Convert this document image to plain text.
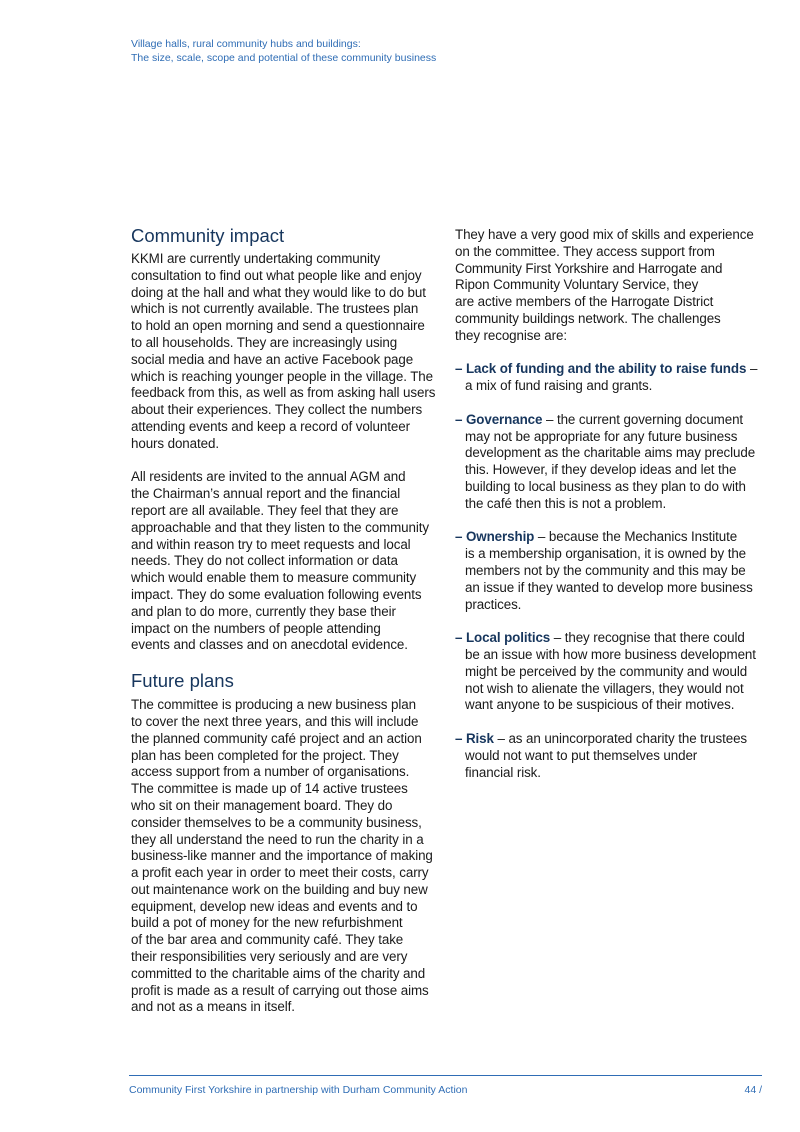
Village halls, rural community hubs and buildings:
The size, scale, scope and potential of these community business
Community impact
KKMI are currently undertaking community
consultation to find out what people like and enjoy
doing at the hall and what they would like to do but
which is not currently available. The trustees plan
to hold an open morning and send a questionnaire
to all households. They are increasingly using
social media and have an active Facebook page
which is reaching younger people in the village. The
feedback from this, as well as from asking hall users
about their experiences. They collect the numbers
attending events and keep a record of volunteer
hours donated.
All residents are invited to the annual AGM and
the Chairman’s annual report and the financial
report are all available. They feel that they are
approachable and that they listen to the community
and within reason try to meet requests and local
needs. They do not collect information or data
which would enable them to measure community
impact. They do some evaluation following events
and plan to do more, currently they base their
impact on the numbers of people attending
events and classes and on anecdotal evidence.
Future plans
The committee is producing a new business plan
to cover the next three years, and this will include
the planned community café project and an action
plan has been completed for the project. They
access support from a number of organisations.
The committee is made up of 14 active trustees
who sit on their management board. They do
consider themselves to be a community business,
they all understand the need to run the charity in a
business-like manner and the importance of making
a profit each year in order to meet their costs, carry
out maintenance work on the building and buy new
equipment, develop new ideas and events and to
build a pot of money for the new refurbishment
of the bar area and community café. They take
their responsibilities very seriously and are very
committed to the charitable aims of the charity and
profit is made as a result of carrying out those aims
and not as a means in itself.
They have a very good mix of skills and experience
on the committee. They access support from
Community First Yorkshire and Harrogate and
Ripon Community Voluntary Service, they
are active members of the Harrogate District
community buildings network. The challenges
they recognise are:
– Lack of funding and the ability to raise funds –
a mix of fund raising and grants.
– Governance – the current governing document
may not be appropriate for any future business
development as the charitable aims may preclude
this. However, if they develop ideas and let the
building to local business as they plan to do with
the café then this is not a problem.
– Ownership – because the Mechanics Institute
is a membership organisation, it is owned by the
members not by the community and this may be
an issue if they wanted to develop more business
practices.
– Local politics – they recognise that there could
be an issue with how more business development
might be perceived by the community and would
not wish to alienate the villagers, they would not
want anyone to be suspicious of their motives.
– Risk – as an unincorporated charity the trustees
would not want to put themselves under
financial risk.
Community First Yorkshire in partnership with Durham Community Action	44 /
